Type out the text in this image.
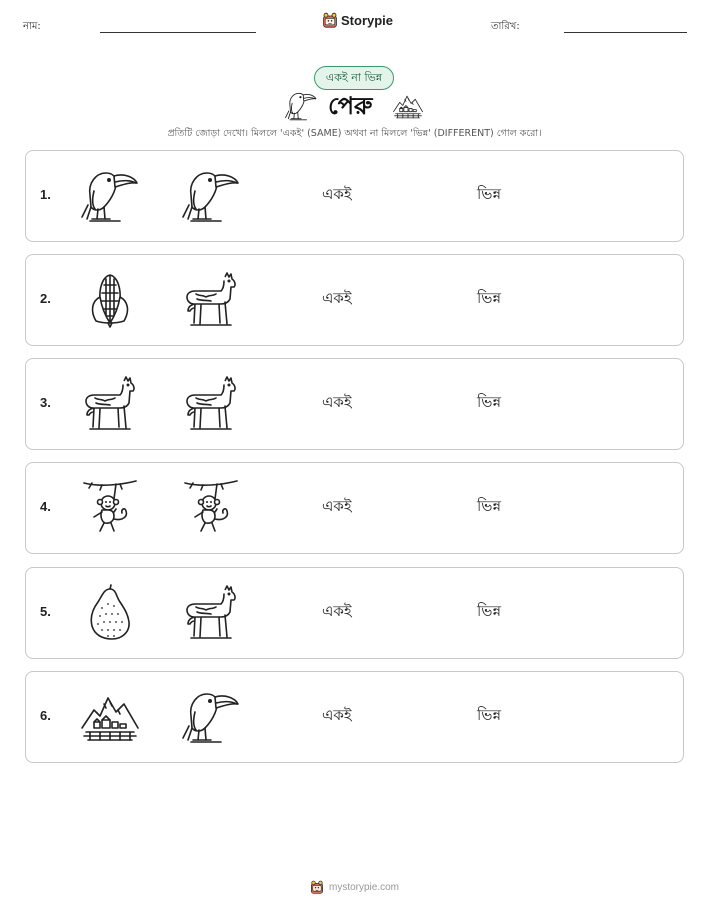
নাম:	Storypie	তারিখ:
একই না ভিন্ন
পেরু
প্রতিটি জোড়া দেখো। মিললে 'একই' (SAME) অথবা না মিললে 'ভিন্ন' (DIFFERENT) গোল করো।
1.	একই	ভিন্ন
2.	একই	ভিন্ন
3.	একই	ভিন্ন
4.	একই	ভিন্ন
5.	একই	ভিন্ন
6.	একই	ভিন্ন
mystorypie.com
